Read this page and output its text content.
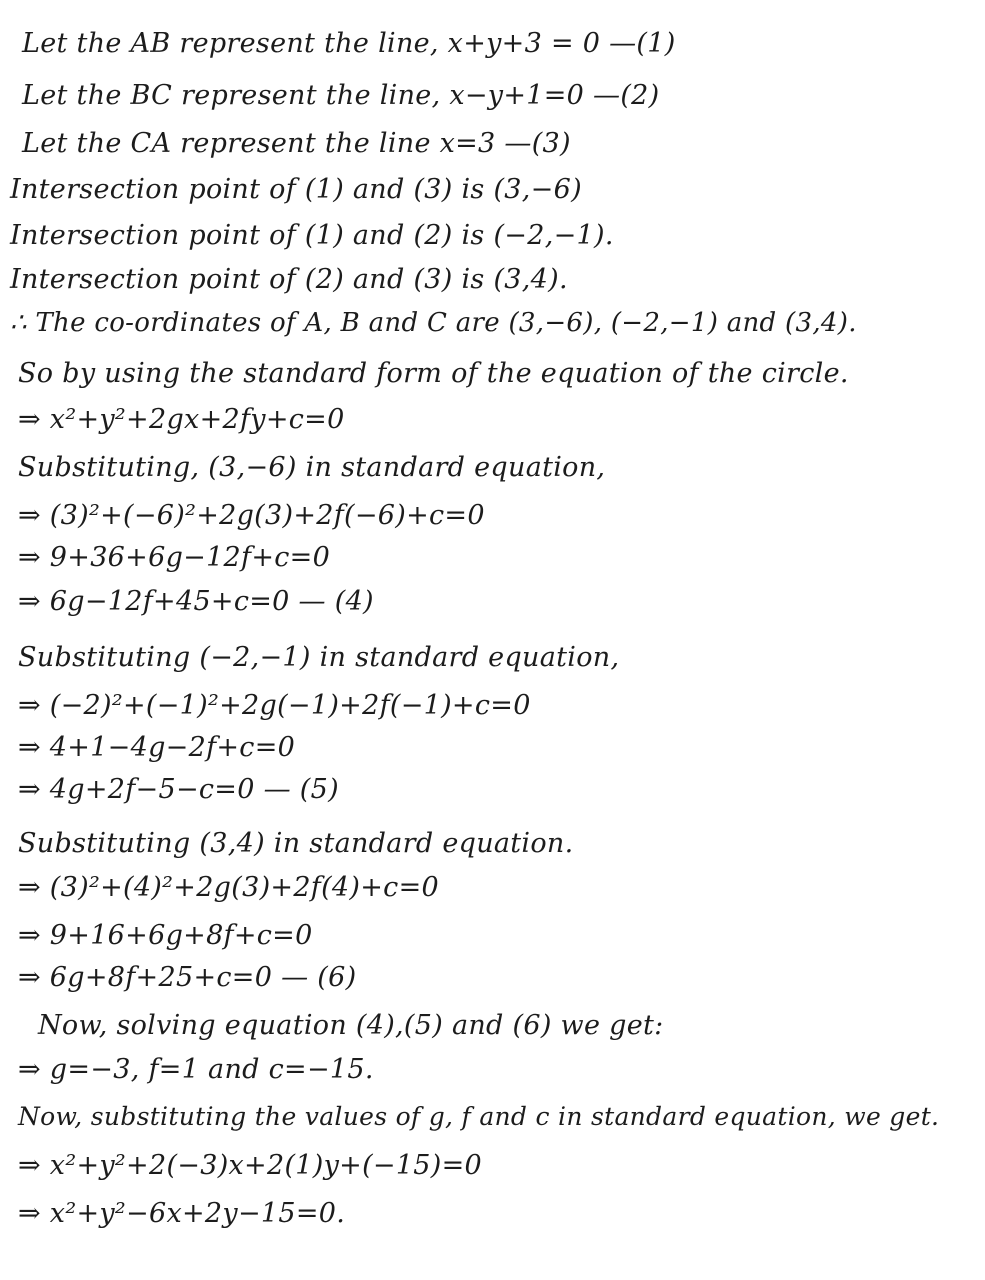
Let the AB represent the line, x+y+3 = 0 —(1)
Let the BC represent the line, x−y+1=0 —(2)
Let the CA represent the line x=3 —(3)
Intersection point of (1) and (3) is (3,−6)
Intersection point of (1) and (2) is (−2,−1).
Intersection point of (2) and (3) is (3,4).
∴ The co-ordinates of A, B and C are (3,−6), (−2,−1) and (3,4).
So by using the standard form of the equation of the circle.
⇒ x²+y²+2gx+2fy+c=0
Substituting, (3,−6) in standard equation,
⇒ (3)²+(−6)²+2g(3)+2f(−6)+c=0
⇒ 9+36+6g−12f+c=0
⇒ 6g−12f+45+c=0 — (4)
Substituting (−2,−1) in standard equation,
⇒ (−2)²+(−1)²+2g(−1)+2f(−1)+c=0
⇒ 4+1−4g−2f+c=0
⇒ 4g+2f−5−c=0 — (5)
Substituting (3,4) in standard equation.
⇒ (3)²+(4)²+2g(3)+2f(4)+c=0
⇒ 9+16+6g+8f+c=0
⇒ 6g+8f+25+c=0 — (6)
Now, solving equation (4),(5) and (6) we get:
⇒ g=−3, f=1 and c=−15.
Now, substituting the values of g, f and c in standard equation, we get.
⇒ x²+y²+2(−3)x+2(1)y+(−15)=0
⇒ x²+y²−6x+2y−15=0.
